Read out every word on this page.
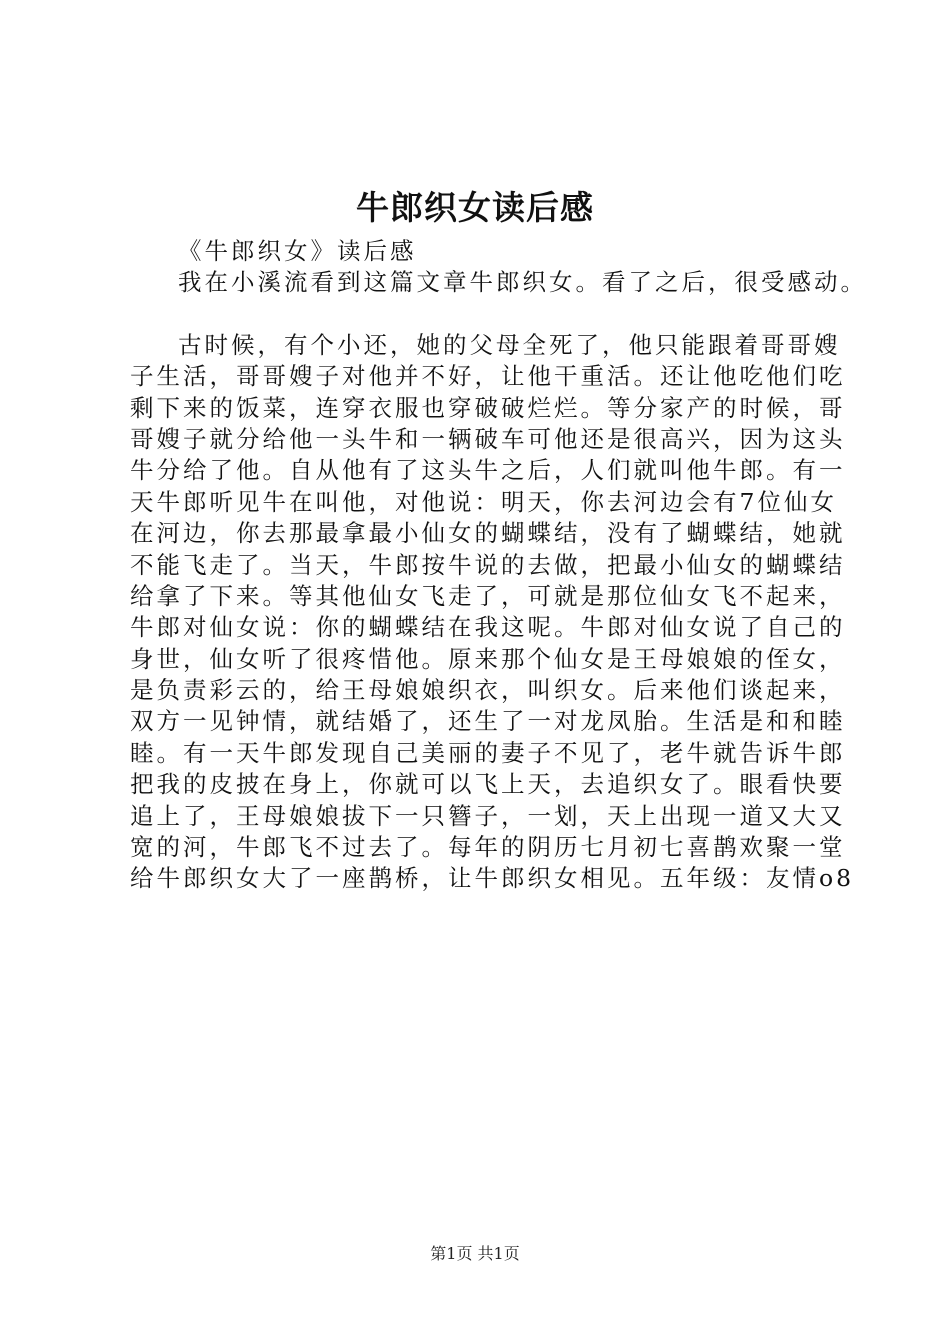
牛郎织女读后感
《牛郎织女》读后感
我在小溪流看到这篇文章牛郎织女。看了之后，很受感动。
古时候，有个小还，她的父母全死了，他只能跟着哥哥嫂
子生活，哥哥嫂子对他并不好，让他干重活。还让他吃他们吃
剩下来的饭菜，连穿衣服也穿破破烂烂。等分家产的时候，哥
哥嫂子就分给他一头牛和一辆破车可他还是很高兴，因为这头
牛分给了他。自从他有了这头牛之后，人们就叫他牛郎。有一
天牛郎听见牛在叫他，对他说：明天，你去河边会有7位仙女
在河边，你去那最拿最小仙女的蝴蝶结，没有了蝴蝶结，她就
不能飞走了。当天，牛郎按牛说的去做，把最小仙女的蝴蝶结
给拿了下来。等其他仙女飞走了，可就是那位仙女飞不起来，
牛郎对仙女说：你的蝴蝶结在我这呢。牛郎对仙女说了自己的
身世，仙女听了很疼惜他。原来那个仙女是王母娘娘的侄女，
是负责彩云的，给王母娘娘织衣，叫织女。后来他们谈起来，
双方一见钟情，就结婚了，还生了一对龙凤胎。生活是和和睦
睦。有一天牛郎发现自己美丽的妻子不见了，老牛就告诉牛郎
把我的皮披在身上，你就可以飞上天，去追织女了。眼看快要
追上了，王母娘娘拔下一只簪子，一划，天上出现一道又大又
宽的河，牛郎飞不过去了。每年的阴历七月初七喜鹊欢聚一堂
给牛郎织女大了一座鹊桥，让牛郎织女相见。五年级：友情o8
第1页 共1页
